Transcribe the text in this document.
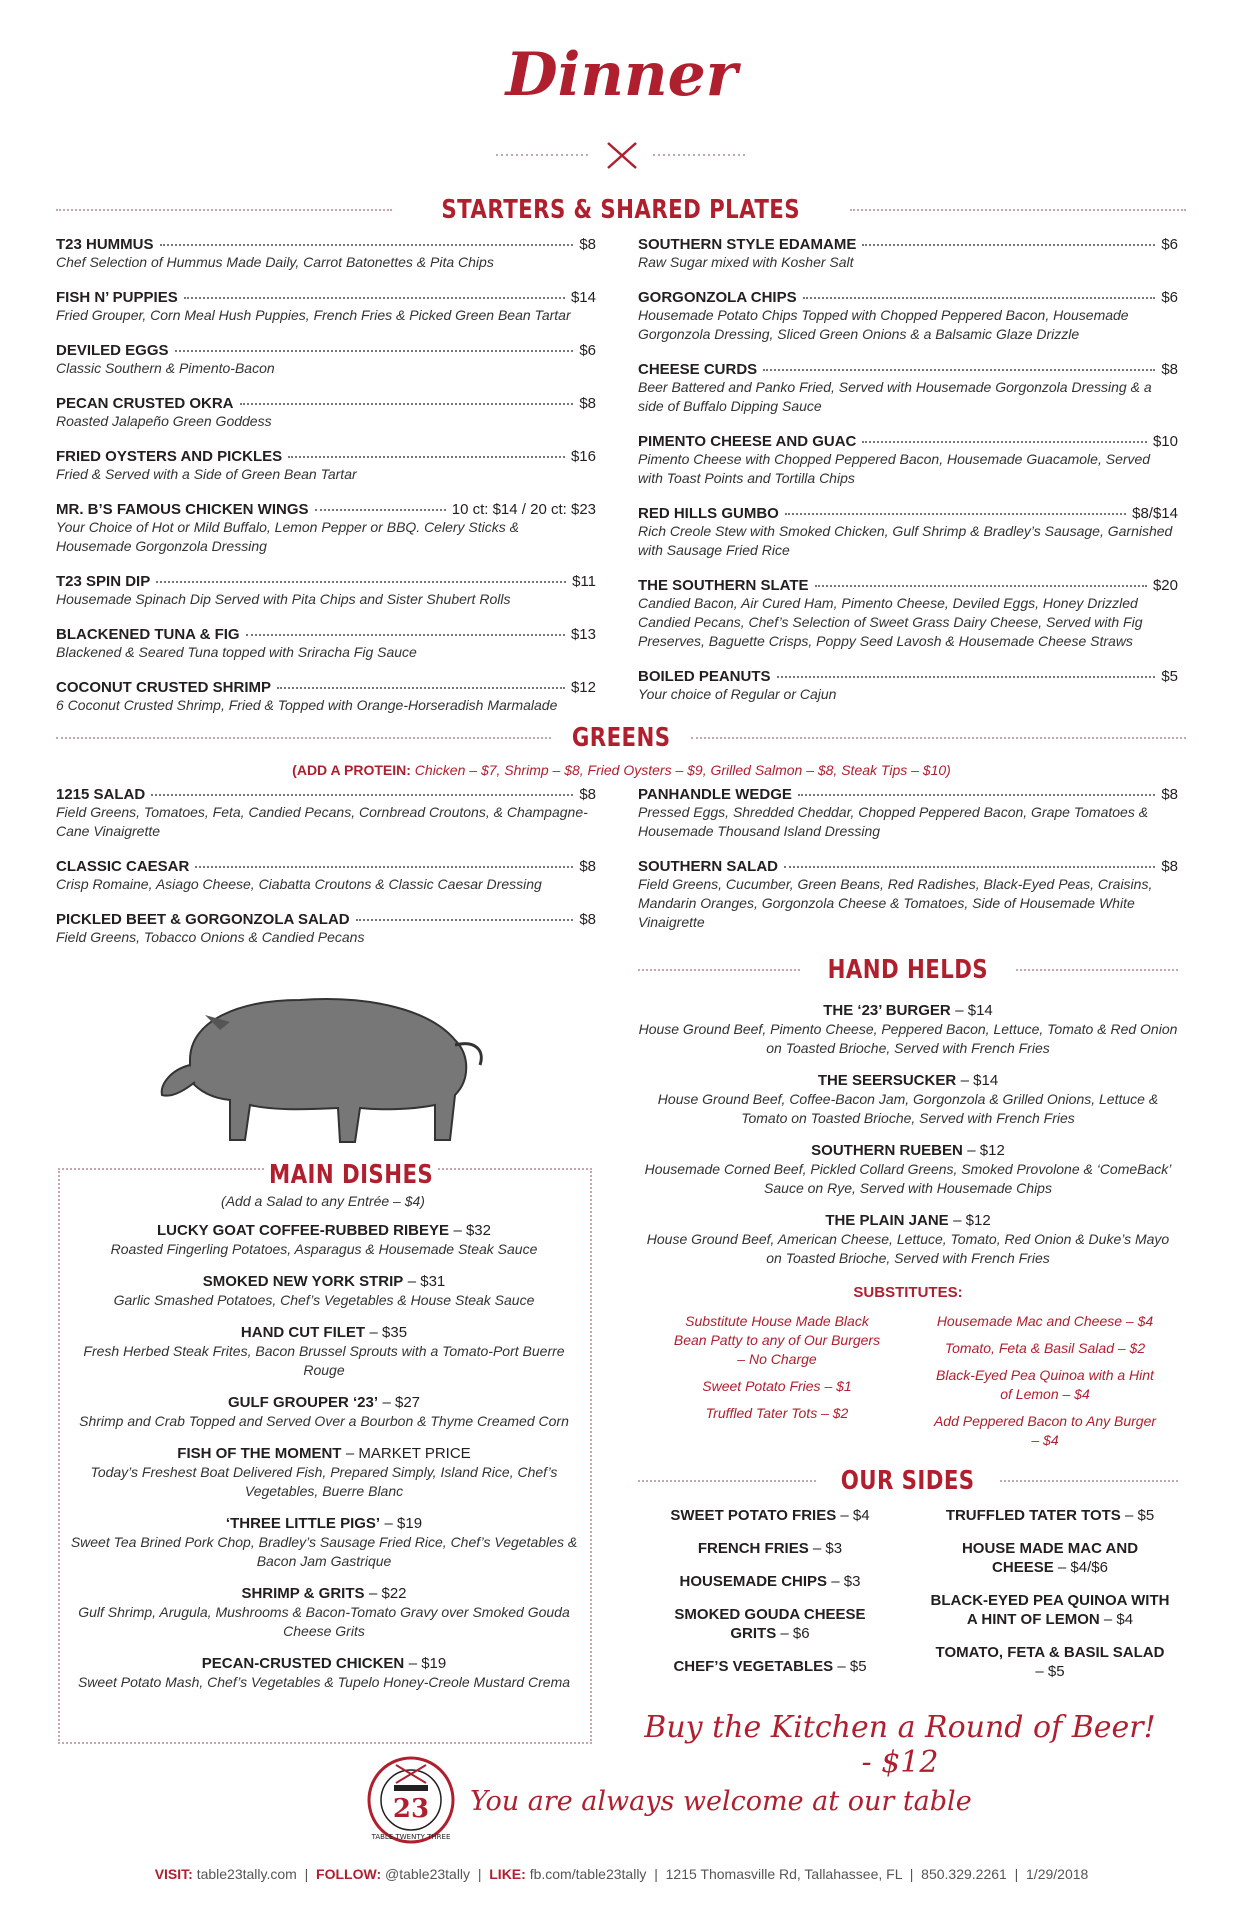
Dinner
STARTERS & SHARED PLATES
T23 HUMMUS	$8
Chef Selection of Hummus Made Daily, Carrot Batonettes & Pita Chips
FISH N’ PUPPIES	$14
Fried Grouper, Corn Meal Hush Puppies, French Fries & Picked Green Bean Tartar
DEVILED EGGS	$6
Classic Southern & Pimento-Bacon
PECAN CRUSTED OKRA	$8
Roasted Jalapeño Green Goddess
FRIED OYSTERS AND PICKLES	$16
Fried & Served with a Side of Green Bean Tartar
MR. B’S FAMOUS CHICKEN WINGS	10 ct: $14 / 20 ct: $23
Your Choice of Hot or Mild Buffalo, Lemon Pepper or BBQ. Celery Sticks & Housemade Gorgonzola Dressing
T23 SPIN DIP	$11
Housemade Spinach Dip Served with Pita Chips and Sister Shubert Rolls
BLACKENED TUNA & FIG	$13
Blackened & Seared Tuna topped with Sriracha Fig Sauce
COCONUT CRUSTED SHRIMP	$12
6 Coconut Crusted Shrimp, Fried & Topped with Orange-Horseradish Marmalade
SOUTHERN STYLE EDAMAME	$6
Raw Sugar mixed with Kosher Salt
GORGONZOLA CHIPS	$6
Housemade Potato Chips Topped with Chopped Peppered Bacon, Housemade Gorgonzola Dressing, Sliced Green Onions & a Balsamic Glaze Drizzle
CHEESE CURDS	$8
Beer Battered and Panko Fried, Served with Housemade Gorgonzola Dressing & a side of Buffalo Dipping Sauce
PIMENTO CHEESE AND GUAC	$10
Pimento Cheese with Chopped Peppered Bacon, Housemade Guacamole, Served with Toast Points and Tortilla Chips
RED HILLS GUMBO	$8/$14
Rich Creole Stew with Smoked Chicken, Gulf Shrimp & Bradley’s Sausage, Garnished with Sausage Fried Rice
THE SOUTHERN SLATE	$20
Candied Bacon, Air Cured Ham, Pimento Cheese, Deviled Eggs, Honey Drizzled Candied Pecans, Chef’s Selection of Sweet Grass Dairy Cheese, Served with Fig Preserves, Baguette Crisps, Poppy Seed Lavosh & Housemade Cheese Straws
BOILED PEANUTS	$5
Your choice of Regular or Cajun
GREENS
(ADD A PROTEIN: Chicken – $7, Shrimp – $8, Fried Oysters – $9, Grilled Salmon – $8, Steak Tips – $10)
1215 SALAD	$8
Field Greens, Tomatoes, Feta, Candied Pecans, Cornbread Croutons, & Champagne-Cane Vinaigrette
CLASSIC CAESAR	$8
Crisp Romaine, Asiago Cheese, Ciabatta Croutons & Classic Caesar Dressing
PICKLED BEET & GORGONZOLA SALAD	$8
Field Greens, Tobacco Onions & Candied Pecans
PANHANDLE WEDGE	$8
Pressed Eggs, Shredded Cheddar, Chopped Peppered Bacon, Grape Tomatoes & Housemade Thousand Island Dressing
SOUTHERN SALAD	$8
Field Greens, Cucumber, Green Beans, Red Radishes, Black-Eyed Peas, Craisins, Mandarin Oranges, Gorgonzola Cheese & Tomatoes, Side of Housemade White Vinaigrette
MAIN DISHES
(Add a Salad to any Entrée – $4)
LUCKY GOAT COFFEE-RUBBED RIBEYE – $32
Roasted Fingerling Potatoes, Asparagus & Housemade Steak Sauce
SMOKED NEW YORK STRIP – $31
Garlic Smashed Potatoes, Chef’s Vegetables & House Steak Sauce
HAND CUT FILET – $35
Fresh Herbed Steak Frites, Bacon Brussel Sprouts with a Tomato-Port Buerre Rouge
GULF GROUPER ‘23’ – $27
Shrimp and Crab Topped and Served Over a Bourbon & Thyme Creamed Corn
FISH OF THE MOMENT – MARKET PRICE
Today’s Freshest Boat Delivered Fish, Prepared Simply, Island Rice, Chef’s Vegetables, Buerre Blanc
‘THREE LITTLE PIGS’ – $19
Sweet Tea Brined Pork Chop, Bradley’s Sausage Fried Rice, Chef’s Vegetables & Bacon Jam Gastrique
SHRIMP & GRITS – $22
Gulf Shrimp, Arugula, Mushrooms & Bacon-Tomato Gravy over Smoked Gouda Cheese Grits
PECAN-CRUSTED CHICKEN – $19
Sweet Potato Mash, Chef’s Vegetables & Tupelo Honey-Creole Mustard Crema
HAND HELDS
THE ‘23’ BURGER – $14
House Ground Beef, Pimento Cheese, Peppered Bacon, Lettuce, Tomato & Red Onion on Toasted Brioche, Served with French Fries
THE SEERSUCKER – $14
House Ground Beef, Coffee-Bacon Jam, Gorgonzola & Grilled Onions, Lettuce & Tomato on Toasted Brioche, Served with French Fries
SOUTHERN RUEBEN – $12
Housemade Corned Beef, Pickled Collard Greens, Smoked Provolone & ‘ComeBack’ Sauce on Rye, Served with Housemade Chips
THE PLAIN JANE – $12
House Ground Beef, American Cheese, Lettuce, Tomato, Red Onion & Duke’s Mayo on Toasted Brioche, Served with French Fries
SUBSTITUTES:
Substitute House Made Black Bean Patty to any of Our Burgers – No Charge
Sweet Potato Fries – $1
Truffled Tater Tots – $2
Housemade Mac and Cheese – $4
Tomato, Feta & Basil Salad – $2
Black-Eyed Pea Quinoa with a Hint of Lemon – $4
Add Peppered Bacon to Any Burger – $4
OUR SIDES
SWEET POTATO FRIES – $4
FRENCH FRIES – $3
HOUSEMADE CHIPS – $3
SMOKED GOUDA CHEESE GRITS – $6
CHEF’S VEGETABLES – $5
TRUFFLED TATER TOTS – $5
HOUSE MADE MAC AND CHEESE – $4/$6
BLACK-EYED PEA QUINOA WITH A HINT OF LEMON – $4
TOMATO, FETA & BASIL SALAD – $5
Buy the Kitchen a Round of Beer! - $12
23
TABLE TWENTY THREE
You are always welcome at our table
VISIT: table23tally.com  |  FOLLOW: @table23tally  |  LIKE: fb.com/table23tally  |  1215 Thomasville Rd, Tallahassee, FL  |  850.329.2261  |  1/29/2018
